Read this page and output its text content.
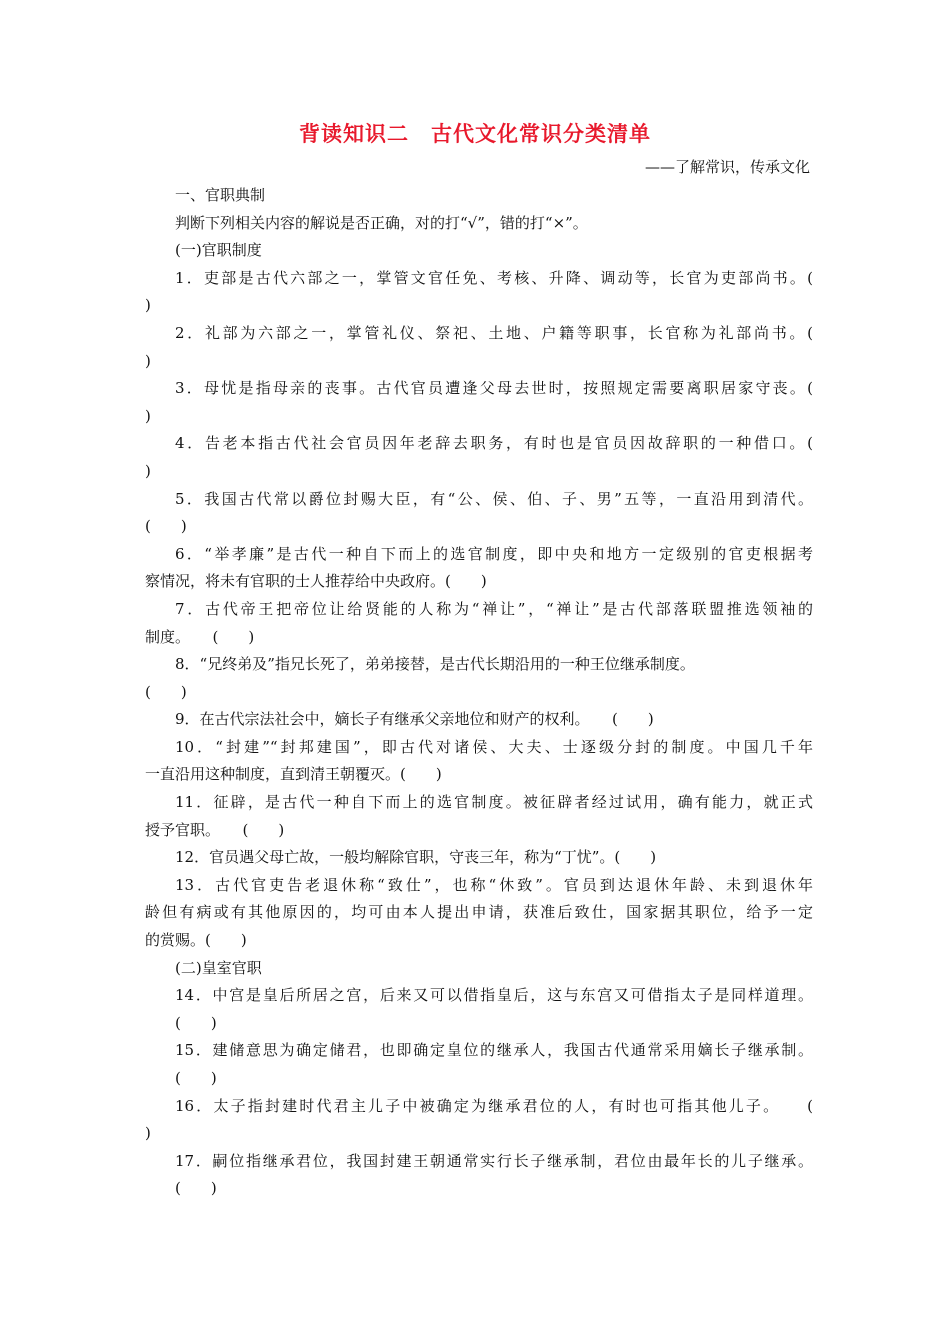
背读知识二　古代文化常识分类清单
——了解常识，传承文化
一、官职典制
判断下列相关内容的解说是否正确，对的打“√”，错的打“×”。
(一)官职制度
1．吏部是古代六部之一，掌管文官任免、考核、升降、调动等，长官为吏部尚书。(
)
2．礼部为六部之一，掌管礼仪、祭祀、土地、户籍等职事，长官称为礼部尚书。(
)
3．母忧是指母亲的丧事。古代官员遭逢父母去世时，按照规定需要离职居家守丧。(
)
4．告老本指古代社会官员因年老辞去职务，有时也是官员因故辞职的一种借口。(
)
5．我国古代常以爵位封赐大臣，有“公、侯、伯、子、男”五等，一直沿用到清代。
(　　)
6．“举孝廉”是古代一种自下而上的选官制度，即中央和地方一定级别的官吏根据考
察情况，将未有官职的士人推荐给中央政府。(　　)
7．古代帝王把帝位让给贤能的人称为“禅让”，“禅让”是古代部落联盟推选领袖的
制度。　　(　　)
8．“兄终弟及”指兄长死了，弟弟接替，是古代长期沿用的一种王位继承制度。
(　　)
9．在古代宗法社会中，嫡长子有继承父亲地位和财产的权利。　　(　　)
10．“封建”“封邦建国”，即古代对诸侯、大夫、士逐级分封的制度。中国几千年
一直沿用这种制度，直到清王朝覆灭。(　　)
11．征辟，是古代一种自下而上的选官制度。被征辟者经过试用，确有能力，就正式
授予官职。　　(　　)
12．官员遇父母亡故，一般均解除官职，守丧三年，称为“丁忧”。(　　)
13．古代官吏告老退休称“致仕”，也称“休致”。官员到达退休年龄、未到退休年
龄但有病或有其他原因的，均可由本人提出申请，获准后致仕，国家据其职位，给予一定
的赏赐。(　　)
(二)皇室官职
14．中宫是皇后所居之宫，后来又可以借指皇后，这与东宫又可借指太子是同样道理。
(　　)
15．建储意思为确定储君，也即确定皇位的继承人，我国古代通常采用嫡长子继承制。
(　　)
16．太子指封建时代君主儿子中被确定为继承君位的人，有时也可指其他儿子。　　(
)
17．嗣位指继承君位，我国封建王朝通常实行长子继承制，君位由最年长的儿子继承。
(　　)
